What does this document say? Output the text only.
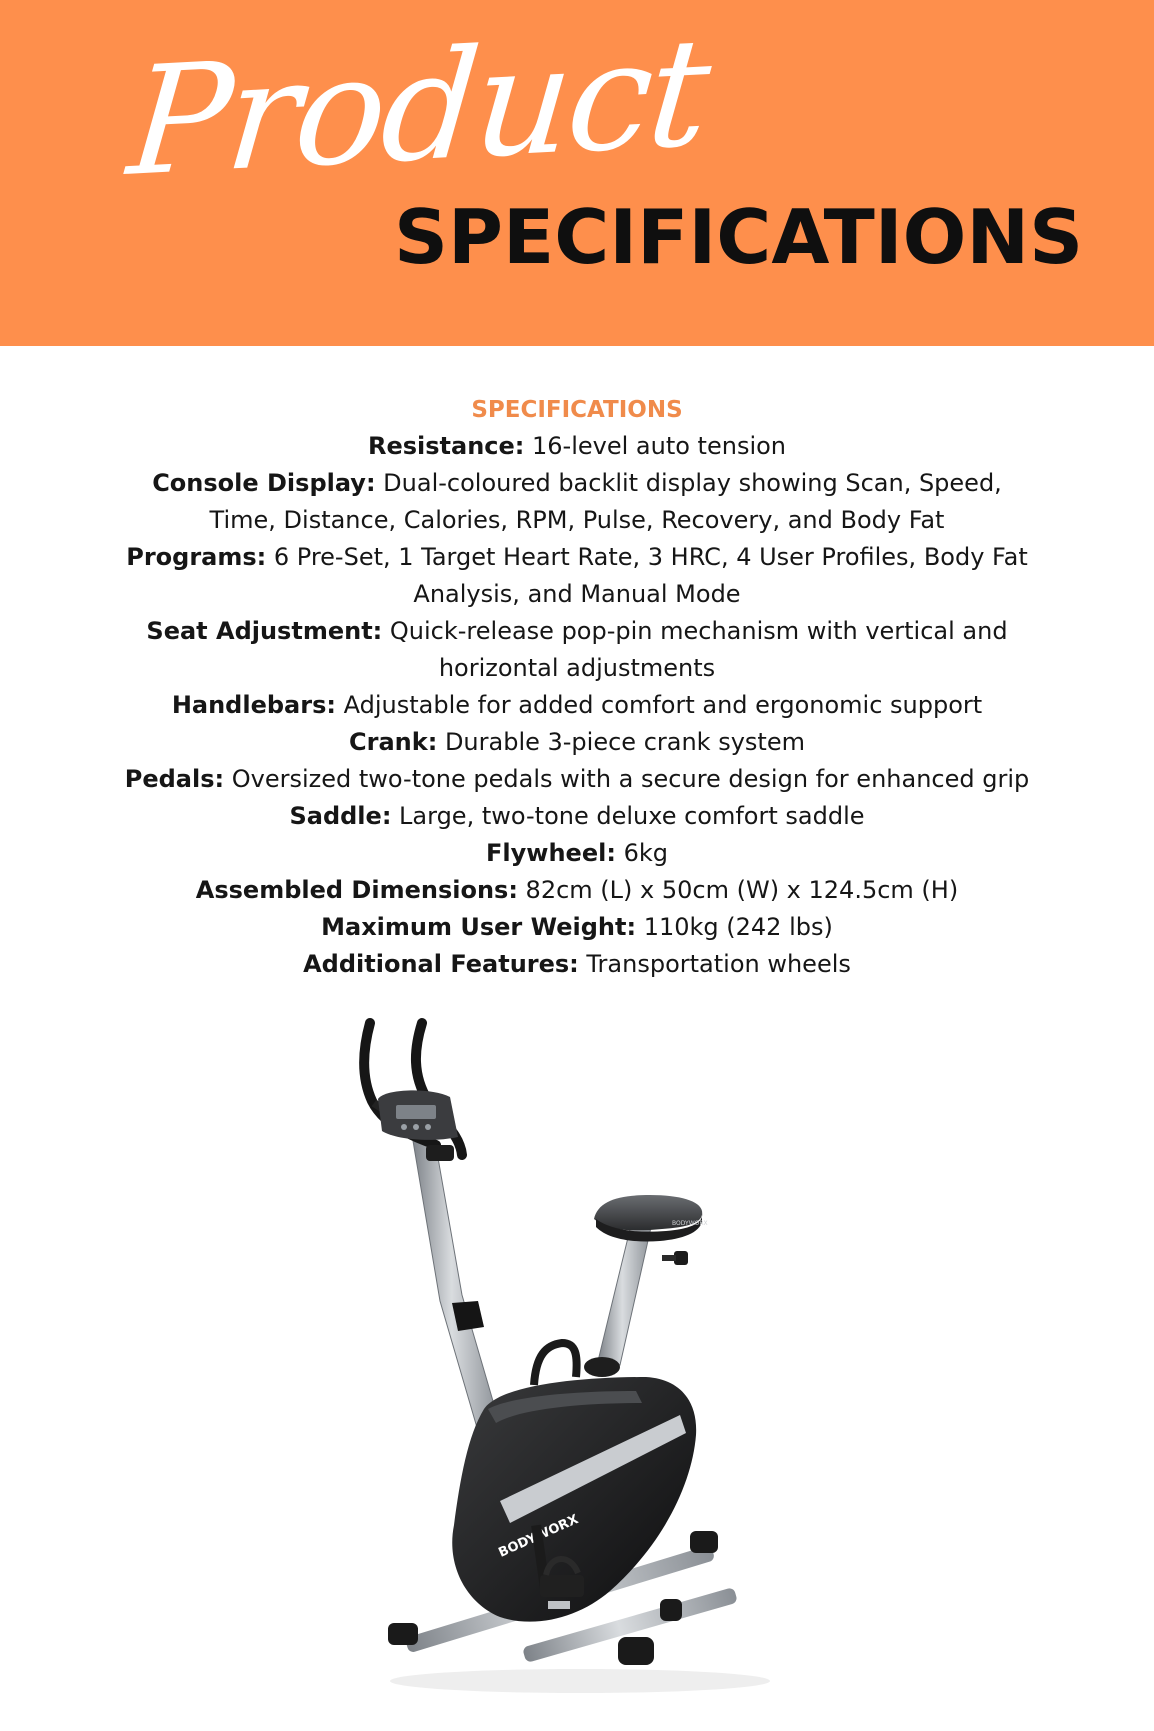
Product
SPECIFICATIONS
SPECIFICATIONS
Resistance: 16-level auto tension
Console Display: Dual-coloured backlit display showing Scan, Speed,
Time, Distance, Calories, RPM, Pulse, Recovery, and Body Fat
Programs: 6 Pre-Set, 1 Target Heart Rate, 3 HRC, 4 User Profiles, Body Fat
Analysis, and Manual Mode
Seat Adjustment: Quick-release pop-pin mechanism with vertical and
horizontal adjustments
Handlebars: Adjustable for added comfort and ergonomic support
Crank: Durable 3-piece crank system
Pedals: Oversized two-tone pedals with a secure design for enhanced grip
Saddle: Large, two-tone deluxe comfort saddle
Flywheel: 6kg
Assembled Dimensions: 82cm (L) x 50cm (W) x 124.5cm (H)
Maximum User Weight: 110kg (242 lbs)
Additional Features: Transportation wheels
BODYWORX
